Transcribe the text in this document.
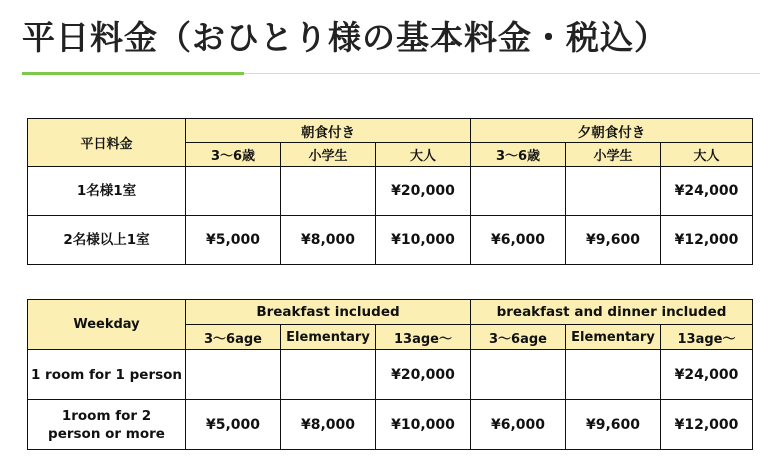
平日料金（おひとり様の基本料金・税込）
平日料金	朝食付き			夕朝食付き		
	3～6歳	小学生	大人	3～6歳	小学生	大人
1名様1室			¥20,000			¥24,000
2名様以上1室	¥5,000	¥8,000	¥10,000	¥6,000	¥9,600	¥12,000
Weekday	Breakfast included			breakfast and dinner included		
	3～6age	Elementary	13age～	3～6age	Elementary	13age～
1 room for 1 person			¥20,000			¥24,000

1room for 2
person or more	¥5,000	¥8,000	¥10,000	¥6,000	¥9,600	¥12,000
